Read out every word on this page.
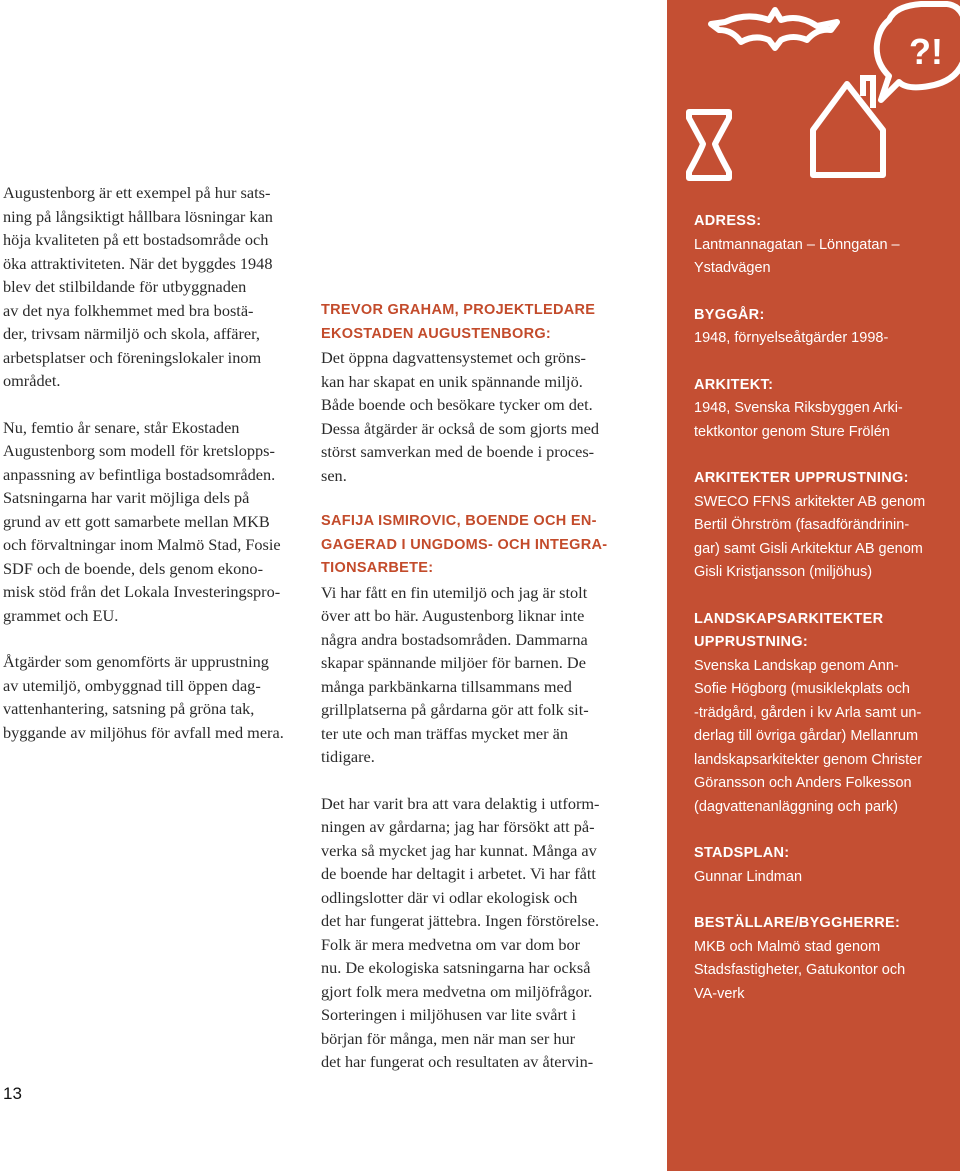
Augustenborg är ett exempel på hur sats-
ning på långsiktigt hållbara lösningar kan
höja kvaliteten på ett bostadsområde och
öka attraktiviteten. När det byggdes 1948
blev det stilbildande för utbyggnaden
av det nya folkhemmet med bra bostä-
der, trivsam närmiljö och skola, affärer,
arbetsplatser och föreningslokaler inom
området.

Nu, femtio år senare, står Ekostaden
Augustenborg som modell för kretslopps-
anpassning av befintliga bostadsområden.
Satsningarna har varit möjliga dels på
grund av ett gott samarbete mellan MKB
och förvaltningar inom Malmö Stad, Fosie
SDF och de boende, dels genom ekono-
misk stöd från det Lokala Investeringspro-
grammet och EU.

Åtgärder som genomförts är upprustning
av utemiljö, ombyggnad till öppen dag-
vattenhantering, satsning på gröna tak,
byggande av miljöhus för avfall med mera.

TREVOR GRAHAM, PROJEKTLEDARE
EKOSTADEN AUGUSTENBORG:
Det öppna dagvattensystemet och gröns-
kan har skapat en unik spännande miljö.
Både boende och besökare tycker om det.
Dessa åtgärder är också de som gjorts med
störst samverkan med de boende i proces-
sen.
SAFIJA ISMIROVIC, BOENDE OCH EN-
GAGERAD I UNGDOMS- OCH INTEGRA-
TIONSARBETE:
Vi har fått en fin utemiljö och jag är stolt
över att bo här. Augustenborg liknar inte
några andra bostadsområden. Dammarna
skapar spännande miljöer för barnen. De
många parkbänkarna tillsammans med
grillplatserna på gårdarna gör att folk sit-
ter ute och man träffas mycket mer än
tidigare.
Det har varit bra att vara delaktig i utform-
ningen av gårdarna; jag har försökt att på-
verka så mycket jag har kunnat. Många av
de boende har deltagit i arbetet. Vi har fått
odlingslotter där vi odlar ekologisk och
det har fungerat jättebra. Ingen förstörelse.
Folk är mera medvetna om var dom bor
nu. De ekologiska satsningarna har också
gjort folk mera medvetna om miljöfrågor.
Sorteringen i miljöhusen var lite svårt i
början för många, men när man ser hur
det har fungerat och resultaten av återvin-
13
?!
ADRESS:
Lantmannagatan – Lönngatan –
Ystadvägen
BYGGÅR:
1948, förnyelseåtgärder 1998-
ARKITEKT:
1948, Svenska Riksbyggen Arki-
tektkontor genom Sture Frölén
ARKITEKTER UPPRUSTNING:
SWECO FFNS arkitekter AB genom
Bertil Öhrström (fasadförändrinin-
gar) samt Gisli Arkitektur AB genom
Gisli Kristjansson (miljöhus)
LANDSKAPSARKITEKTER
UPPRUSTNING:
Svenska Landskap genom Ann-
Sofie Högborg (musiklekplats och
-trädgård, gården i kv Arla samt un-
derlag till övriga gårdar) Mellanrum
landskapsarkitekter genom Christer
Göransson och Anders Folkesson
(dagvattenanläggning och park)
STADSPLAN:
Gunnar Lindman
BESTÄLLARE/BYGGHERRE:
MKB och Malmö stad genom
Stadsfastigheter, Gatukontor och
VA-verk
